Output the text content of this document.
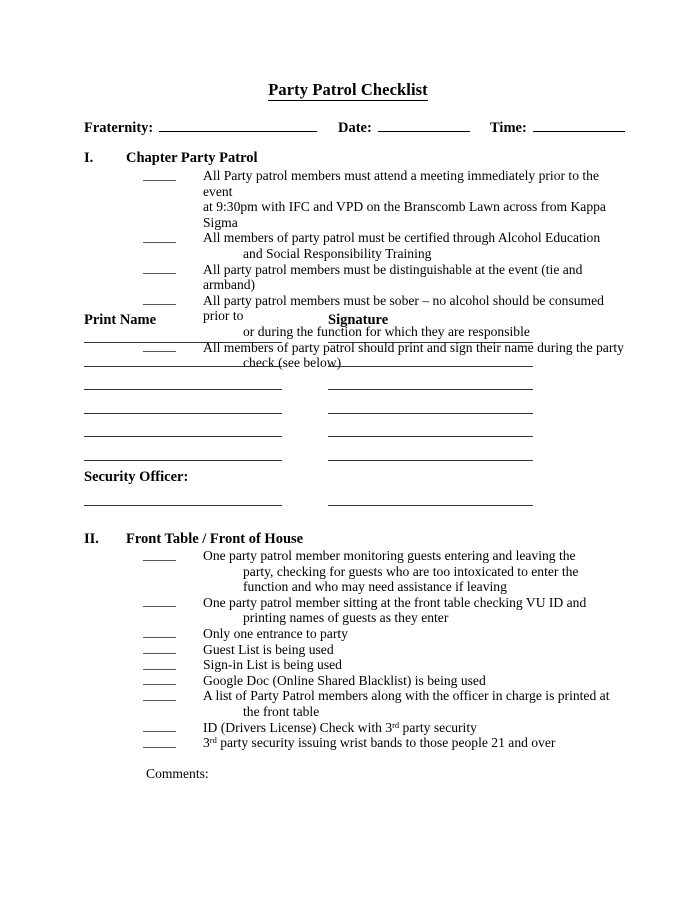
Party Patrol Checklist
Fraternity:	Date:	Time:
I. Chapter Party Patrol
All Party patrol members must attend a meeting immediately prior to the event
at 9:30pm with IFC and VPD on the Branscomb Lawn across from Kappa Sigma
All members of party patrol must be certified through Alcohol Education
and Social Responsibility Training
All party patrol members must be distinguishable at the event (tie and armband)
All party patrol members must be sober – no alcohol should be consumed prior to
or during the function for which they are responsible
All members of party patrol should print and sign their name during the party
check (see below)
Print Name	Signature
Security Officer:
II. Front Table / Front of House
One party patrol member monitoring guests entering and leaving the
party, checking for guests who are too intoxicated to enter the
function and who may need assistance if leaving
One party patrol member sitting at the front table checking VU ID and
printing names of guests as they enter
Only one entrance to party
Guest List is being used
Sign-in List is being used
Google Doc (Online Shared Blacklist) is being used
A list of Party Patrol members along with the officer in charge is printed at
the front table
ID (Drivers License) Check with 3rd party security
3rd party security issuing wrist bands to those people 21 and over
Comments:
